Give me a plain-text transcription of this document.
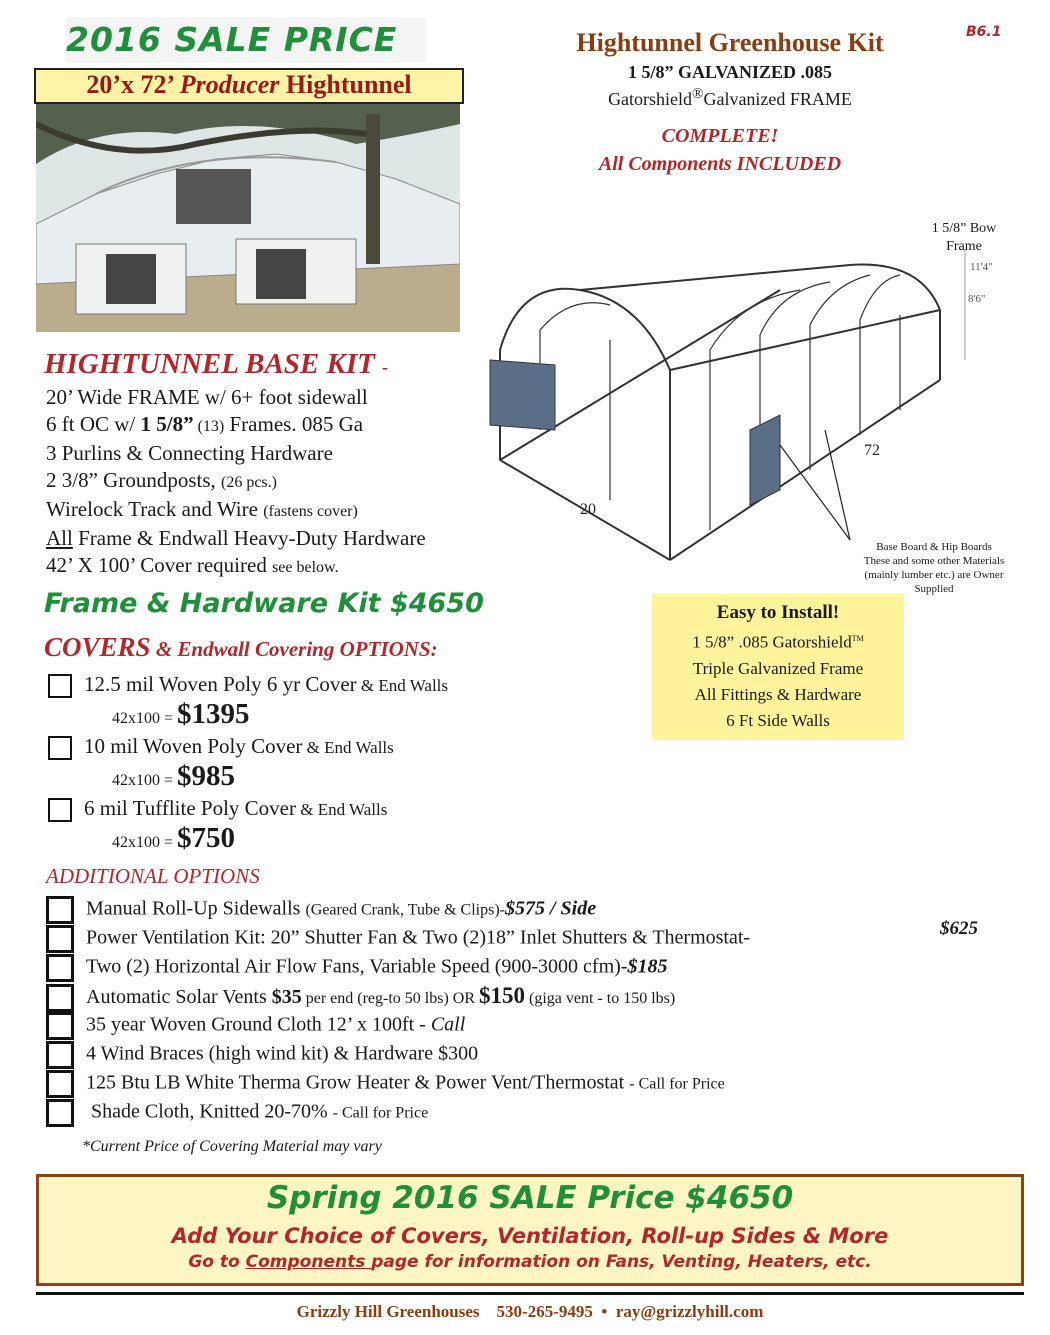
2016 SALE PRICE
20’x 72’ Producer Hightunnel
B6.1
Hightunnel Greenhouse Kit
1 5/8” GALVANIZED .085
Gatorshield®Galvanized FRAME
COMPLETE!
All Components INCLUDED
1 5/8” Bow
Frame
11'4"
8'6"
72
20
Base Board & Hip Boards
These and some other Materials
(mainly lumber etc.) are Owner
Supplied
HIGHTUNNEL BASE KIT -
20’ Wide FRAME w/ 6+ foot sidewall
6 ft OC w/ 1 5/8” (13) Frames. 085 Ga
3 Purlins & Connecting Hardware
2 3/8” Groundposts, (26 pcs.)
Wirelock Track and Wire (fastens cover)
All Frame & Endwall Heavy-Duty Hardware
42’ X 100’ Cover required see below.
Frame & Hardware Kit $4650
COVERS & Endwall Covering OPTIONS:
12.5 mil Woven Poly 6 yr Cover & End Walls
42x100 = $1395
10 mil Woven Poly Cover & End Walls
42x100 = $985
6 mil Tufflite Poly Cover & End Walls
42x100 = $750
Easy to Install!
1 5/8” .085 Gatorshield™
Triple Galvanized Frame
All Fittings & Hardware
6 Ft Side Walls
ADDITIONAL OPTIONS
Manual Roll-Up Sidewalls (Geared Crank, Tube & Clips)-$575 / Side
Power Ventilation Kit: 20” Shutter Fan & Two (2)18” Inlet Shutters & Thermostat-	$625
Two (2) Horizontal Air Flow Fans, Variable Speed (900-3000 cfm)-$185
Automatic Solar Vents $35 per end (reg-to 50 lbs) OR $150 (giga vent - to 150 lbs)
35 year Woven Ground Cloth 12’ x 100ft - Call
4 Wind Braces (high wind kit) & Hardware $300
125 Btu LB White Therma Grow Heater & Power Vent/Thermostat - Call for Price
Shade Cloth, Knitted 20-70% - Call for Price
*Current Price of Covering Material may vary
Spring 2016 SALE Price $4650
Add Your Choice of Covers, Ventilation, Roll-up Sides & More
Go to Components page for information on Fans, Venting, Heaters, etc.
Grizzly Hill Greenhouses 530-265-9495 • ray@grizzlyhill.com
